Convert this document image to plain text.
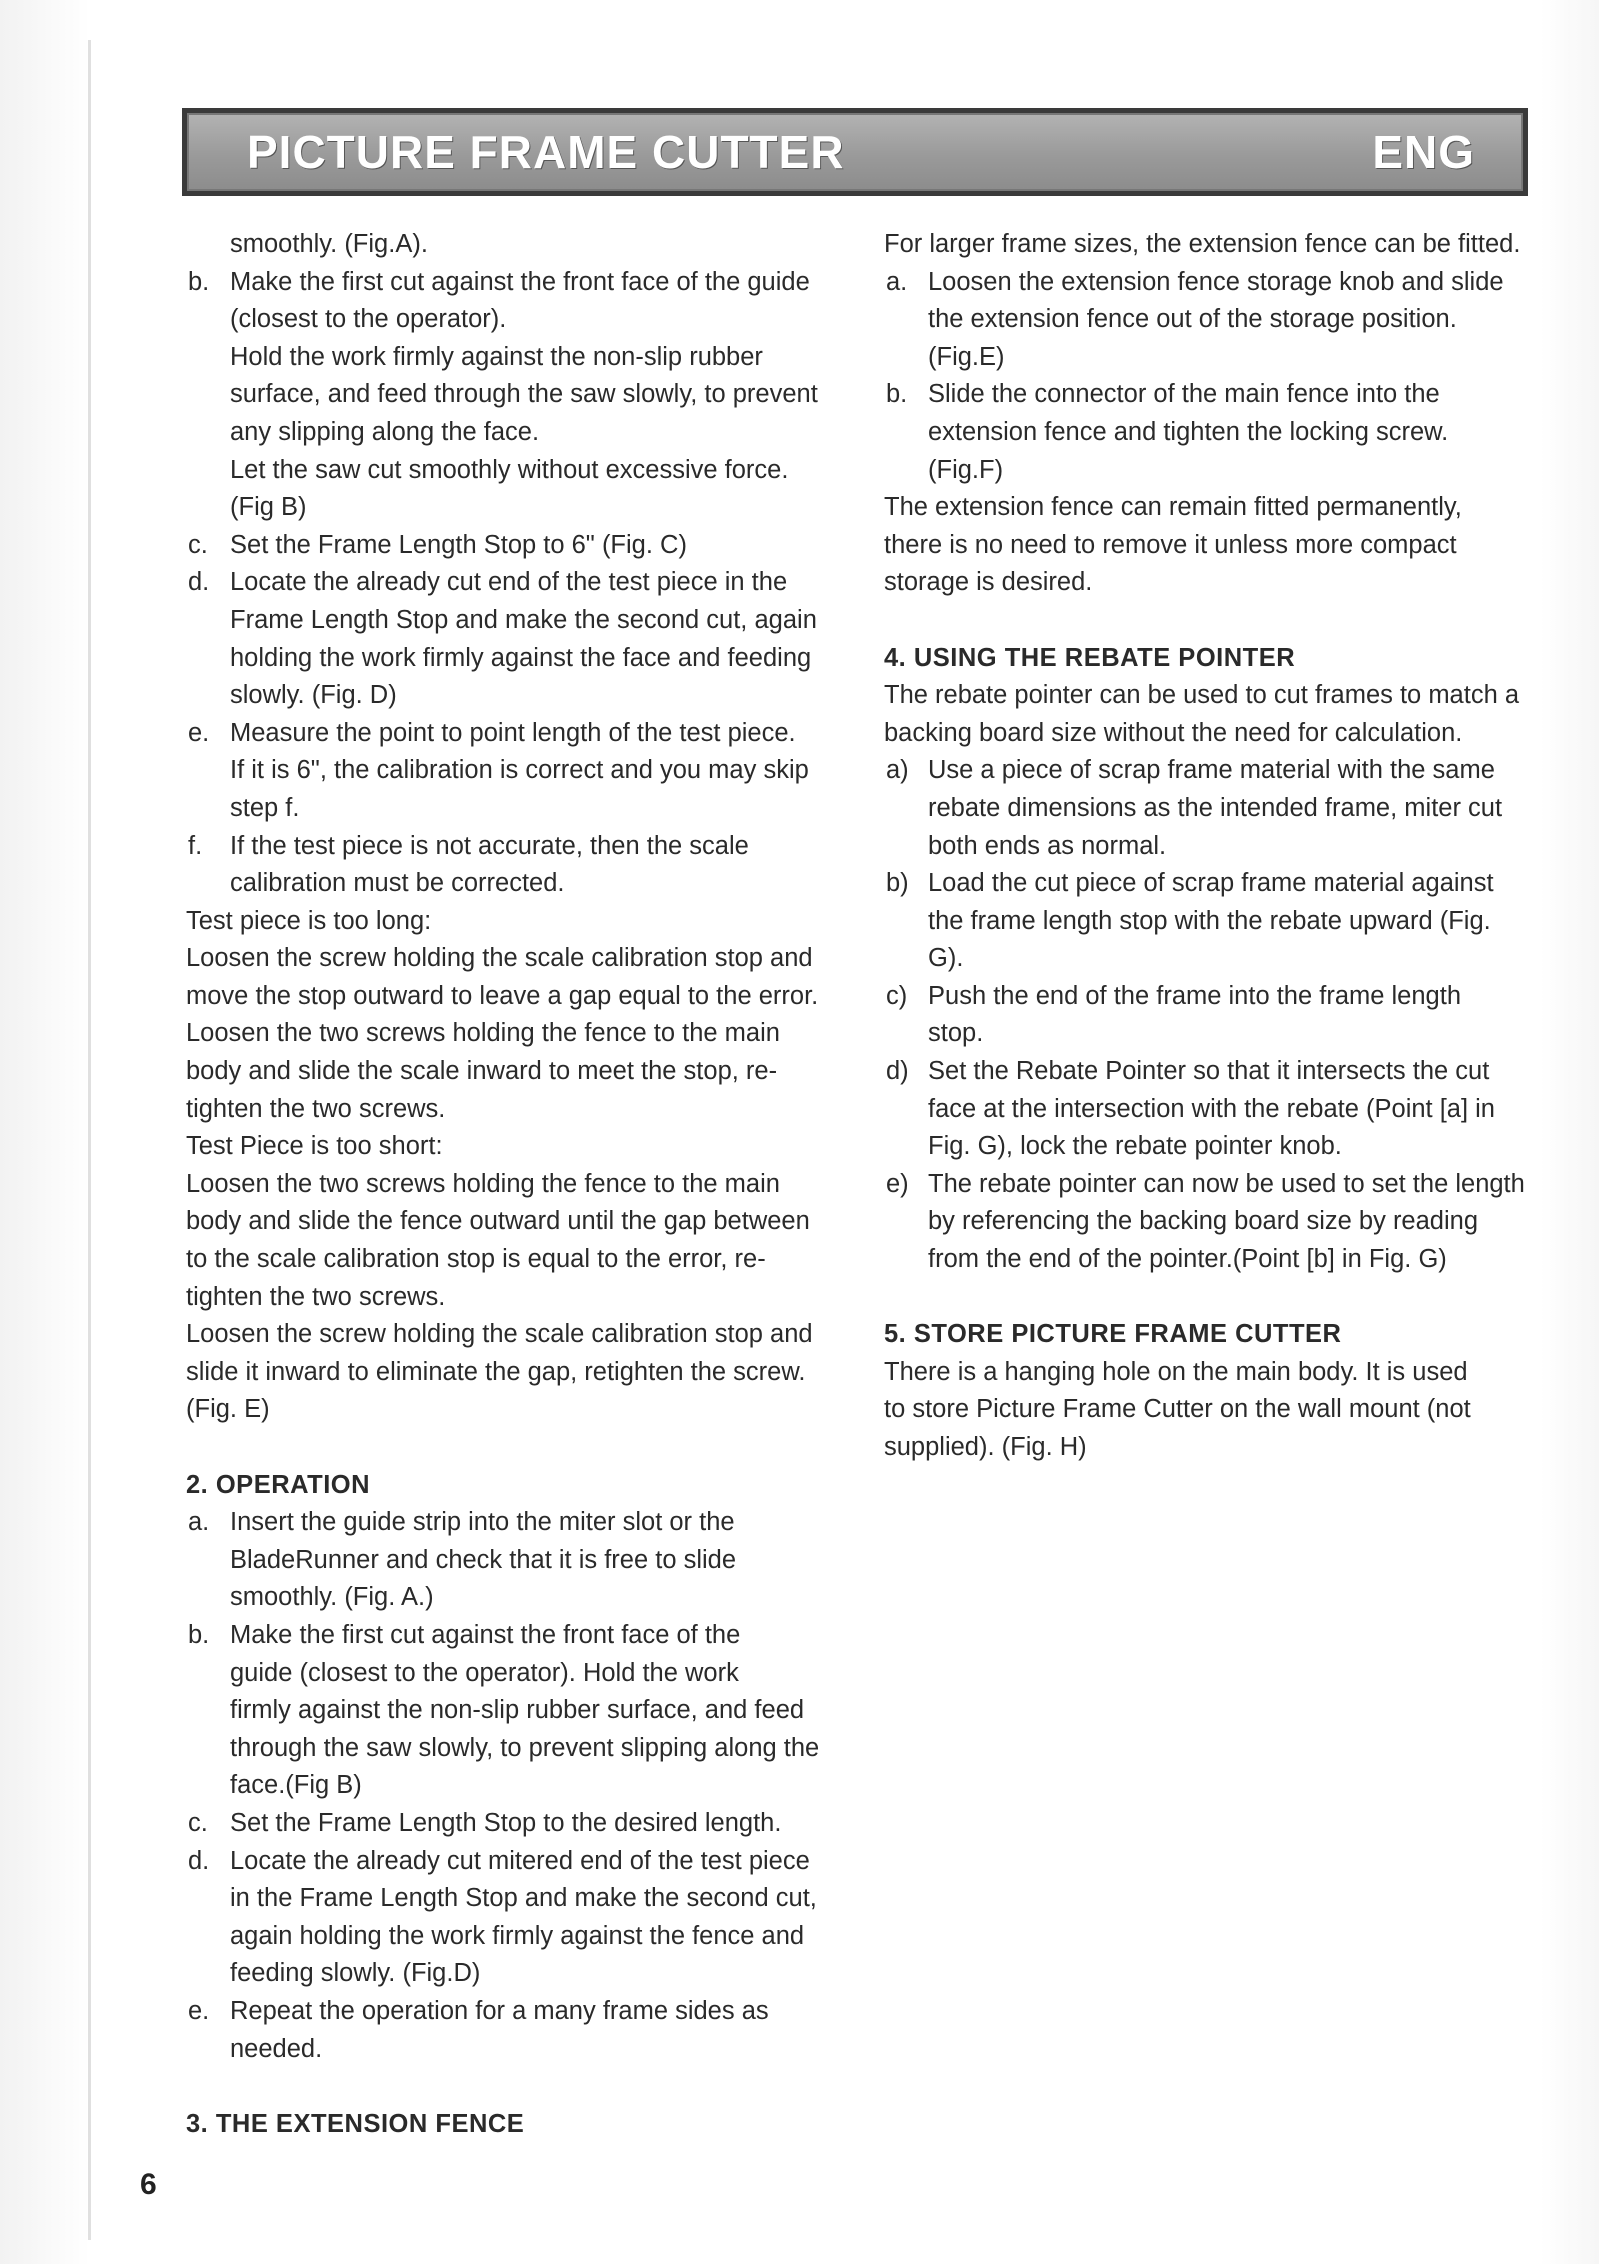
PICTURE FRAME CUTTER	ENG
smoothly. (Fig.A).
b. Make the first cut against the front face of the guide
(closest to the operator).
Hold the work firmly against the non-slip rubber
surface, and feed through the saw slowly, to prevent
any slipping along the face.
Let the saw cut smoothly without excessive force.
(Fig B)
c. Set the Frame Length Stop to 6" (Fig. C)
d. Locate the already cut end of the test piece in the
Frame Length Stop and make the second cut, again
holding the work firmly against the face and feeding
slowly. (Fig. D)
e. Measure the point to point length of the test piece.
If it is 6", the calibration is correct and you may skip
step f.
f. If the test piece is not accurate, then the scale
calibration must be corrected.
Test piece is too long:
Loosen the screw holding the scale calibration stop and
move the stop outward to leave a gap equal to the error.
Loosen the two screws holding the fence to the main
body and slide the scale inward to meet the stop, re-
tighten the two screws.
Test Piece is too short:
Loosen the two screws holding the fence to the main
body and slide the fence outward until the gap between
to the scale calibration stop is equal to the error, re-
tighten the two screws.
Loosen the screw holding the scale calibration stop and
slide it inward to eliminate the gap, retighten the screw.
(Fig. E)
2. OPERATION
a. Insert the guide strip into the miter slot or the
BladeRunner and check that it is free to slide
smoothly. (Fig. A.)
b. Make the first cut against the front face of the
guide (closest to the operator). Hold the work
firmly against the non-slip rubber surface, and feed
through the saw slowly, to prevent slipping along the
face.(Fig B)
c. Set the Frame Length Stop to the desired length.
d. Locate the already cut mitered end of the test piece
in the Frame Length Stop and make the second cut,
again holding the work firmly against the fence and
feeding slowly. (Fig.D)
e. Repeat the operation for a many frame sides as
needed.
3. THE EXTENSION FENCE
For larger frame sizes, the extension fence can be fitted.
a. Loosen the extension fence storage knob and slide
the extension fence out of the storage position.
(Fig.E)
b. Slide the connector of the main fence into the
extension fence and tighten the locking screw.
(Fig.F)
The extension fence can remain fitted permanently,
there is no need to remove it unless more compact
storage is desired.
4. USING THE REBATE POINTER
The rebate pointer can be used to cut frames to match a
backing board size without the need for calculation.
a) Use a piece of scrap frame material with the same
rebate dimensions as the intended frame, miter cut
both ends as normal.
b) Load the cut piece of scrap frame material against
the frame length stop with the rebate upward (Fig.
G).
c) Push the end of the frame into the frame length
stop.
d) Set the Rebate Pointer so that it intersects the cut
face at the intersection with the rebate (Point [a] in
Fig. G), lock the rebate pointer knob.
e) The rebate pointer can now be used to set the length
by referencing the backing board size by reading
from the end of the pointer.(Point [b] in Fig. G)
5. STORE PICTURE FRAME CUTTER
There is a hanging hole on the main body. It is used
to store Picture Frame Cutter on the wall mount (not
supplied). (Fig. H)
6
